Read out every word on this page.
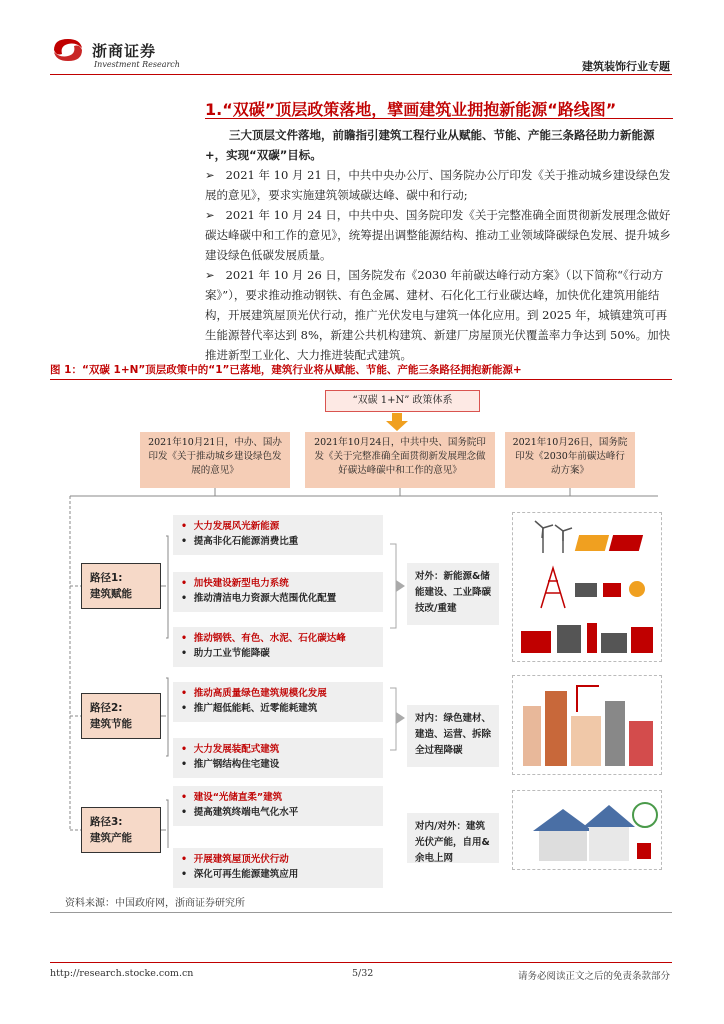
浙商证券
Investment Research	建筑装饰行业专题
1.“双碳”顶层政策落地，擘画建筑业拥抱新能源“路线图”
三大顶层文件落地，前瞻指引建筑工程行业从赋能、节能、产能三条路径助力新能源+，实现“双碳”目标。
➢   2021 年 10 月 21 日，中共中央办公厅、国务院办公厅印发《关于推动城乡建设绿色发展的意见》，要求实施建筑领域碳达峰、碳中和行动;
➢   2021 年 10 月 24 日，中共中央、国务院印发《关于完整准确全面贯彻新发展理念做好碳达峰碳中和工作的意见》，统筹提出调整能源结构、推动工业领域降碳绿色发展、提升城乡建设绿色低碳发展质量。
➢   2021 年 10 月 26 日，国务院发布《2030 年前碳达峰行动方案》（以下简称“《行动方案》”），要求推动推动钢铁、有色金属、建材、石化化工行业碳达峰，加快优化建筑用能结构，开展建筑屋顶光伏行动，推广光伏发电与建筑一体化应用。到 2025 年，城镇建筑可再生能源替代率达到 8%，新建公共机构建筑、新建厂房屋顶光伏覆盖率力争达到 50%。加快推进新型工业化、大力推进装配式建筑。
图 1：“双碳 1+N”顶层政策中的“1”已落地，建筑行业将从赋能、节能、产能三条路径拥抱新能源+
“双碳 1+N” 政策体系
2021年10月21日，中办、国办印发《关于推动城乡建设绿色发展的意见》
2021年10月24日，中共中央、国务院印发《关于完整准确全面贯彻新发展理念做好碳达峰碳中和工作的意见》
2021年10月26日，国务院印发《2030年前碳达峰行动方案》
路径1:
建筑赋能
路径2:
建筑节能
路径3:
建筑产能
•  大力发展风光新能源
•  提高非化石能源消费比重
•  加快建设新型电力系统
•  推动清洁电力资源大范围优化配置
•  推动钢铁、有色、水泥、石化碳达峰
•  助力工业节能降碳
•  推动高质量绿色建筑规模化发展
•  推广超低能耗、近零能耗建筑
•  大力发展装配式建筑
•  推广钢结构住宅建设
•  建设“光储直柔”建筑
•  提高建筑终端电气化水平
•  开展建筑屋顶光伏行动
•  深化可再生能源建筑应用
对外：新能源&储能建设、工业降碳技改/重建
对内：绿色建材、建造、运营、拆除全过程降碳
对内/对外：建筑光伏产能，自用&余电上网
资料来源：中国政府网，浙商证券研究所
http://research.stocke.com.cn	5/32	请务必阅读正文之后的免责条款部分
